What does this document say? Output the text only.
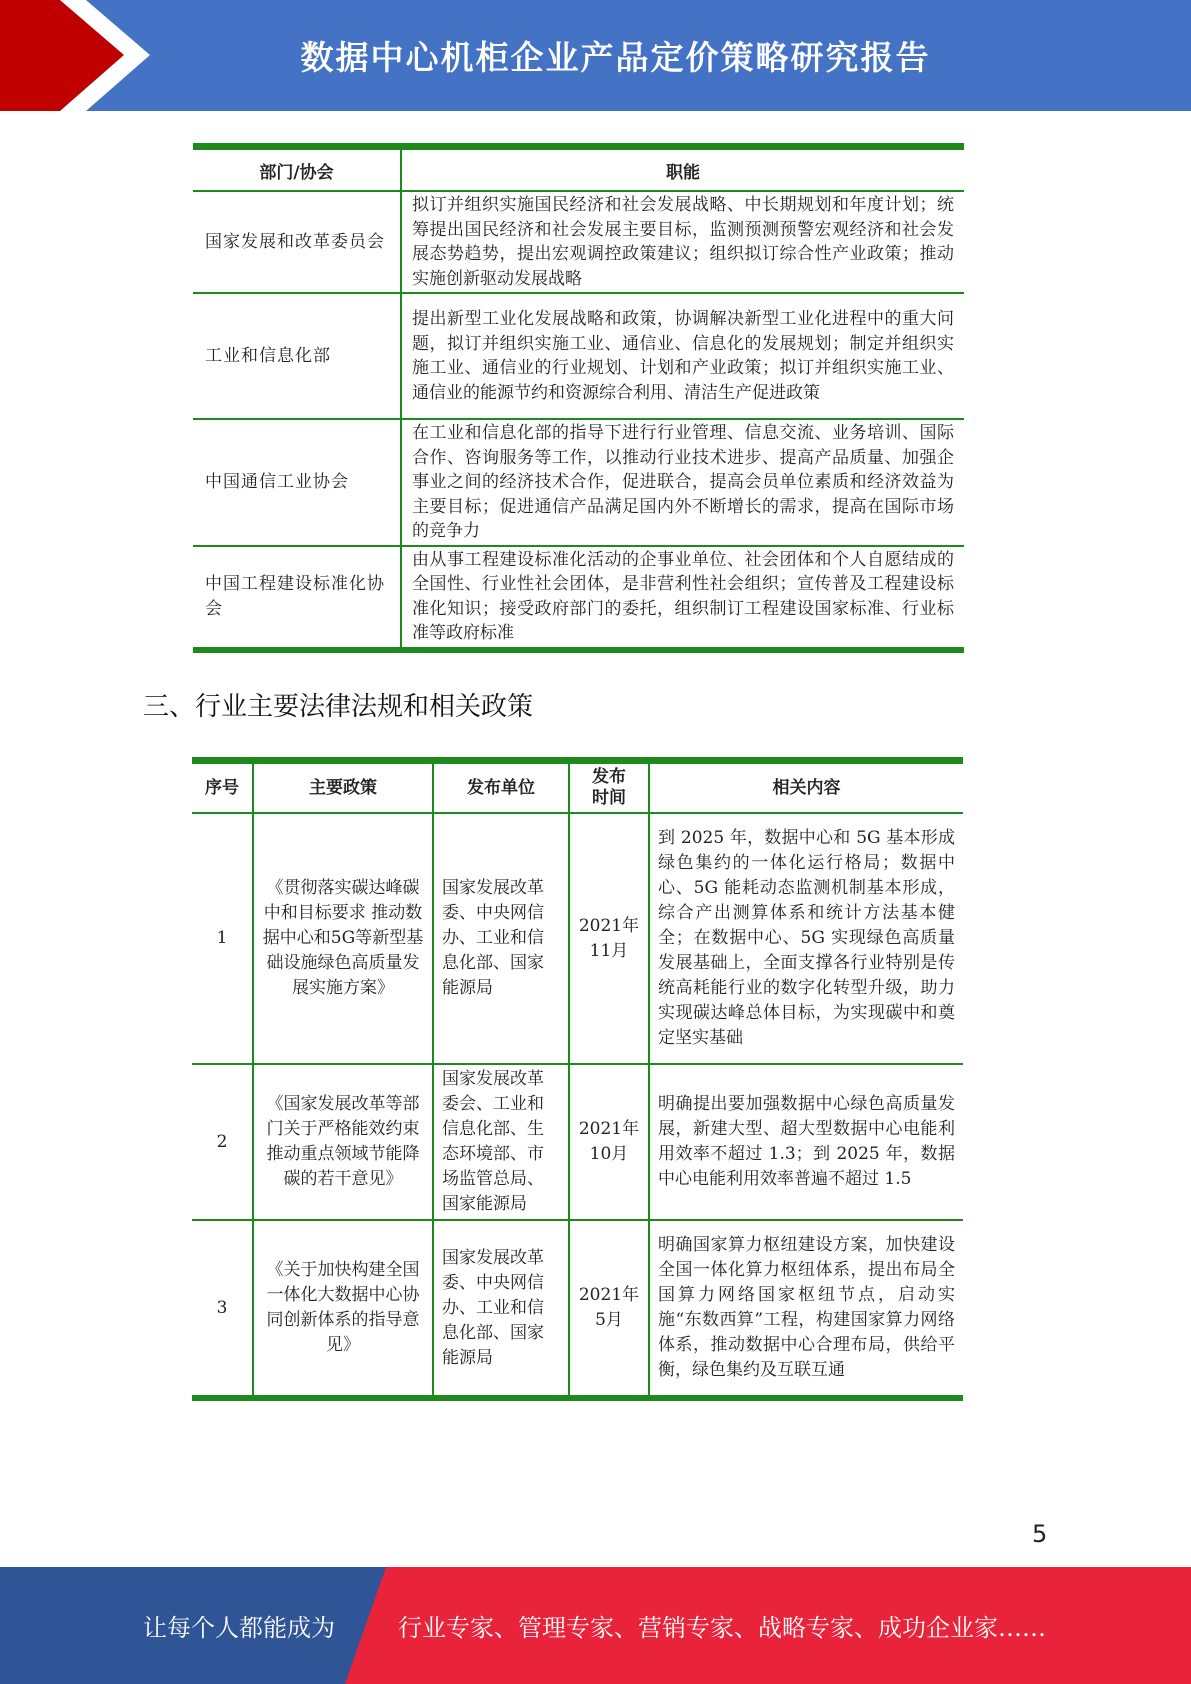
数据中心机柜企业产品定价策略研究报告
部门/协会	职能
国家发展和改革委员会	拟订并组织实施国民经济和社会发展战略、中长期规划和年度计划；统筹提出国民经济和社会发展主要目标，监测预测预警宏观经济和社会发展态势趋势，提出宏观调控政策建议；组织拟订综合性产业政策；推动实施创新驱动发展战略
工业和信息化部	提出新型工业化发展战略和政策，协调解决新型工业化进程中的重大问题，拟订并组织实施工业、通信业、信息化的发展规划；制定并组织实施工业、通信业的行业规划、计划和产业政策；拟订并组织实施工业、通信业的能源节约和资源综合利用、清洁生产促进政策
中国通信工业协会	在工业和信息化部的指导下进行行业管理、信息交流、业务培训、国际合作、咨询服务等工作，以推动行业技术进步、提高产品质量、加强企事业之间的经济技术合作，促进联合，提高会员单位素质和经济效益为主要目标；促进通信产品满足国内外不断增长的需求，提高在国际市场的竞争力
中国工程建设标准化协会	由从事工程建设标准化活动的企事业单位、社会团体和个人自愿结成的全国性、行业性社会团体，是非营利性社会组织；宣传普及工程建设标准化知识；接受政府部门的委托，组织制订工程建设国家标准、行业标准等政府标准
三、行业主要法律法规和相关政策
序号	主要政策	发布单位	发布时间	相关内容
1	《贯彻落实碳达峰碳中和目标要求 推动数据中心和5G等新型基础设施绿色高质量发展实施方案》	国家发展改革委、中央网信办、工业和信息化部、国家能源局	2021年11月	到 2025 年，数据中心和 5G 基本形成绿色集约的一体化运行格局；数据中心、5G 能耗动态监测机制基本形成，综合产出测算体系和统计方法基本健全；在数据中心、5G 实现绿色高质量发展基础上，全面支撑各行业特别是传统高耗能行业的数字化转型升级，助力实现碳达峰总体目标，为实现碳中和奠定坚实基础
2	《国家发展改革等部门关于严格能效约束推动重点领域节能降碳的若干意见》	国家发展改革委会、工业和信息化部、生态环境部、市场监管总局、国家能源局	2021年10月	明确提出要加强数据中心绿色高质量发展，新建大型、超大型数据中心电能利用效率不超过 1.3；到 2025 年，数据中心电能利用效率普遍不超过 1.5
3	《关于加快构建全国一体化大数据中心协同创新体系的指导意见》	国家发展改革委、中央网信办、工业和信息化部、国家能源局	2021年5月	明确国家算力枢纽建设方案，加快建设全国一体化算力枢纽体系，提出布局全国算力网络国家枢纽节点，启动实施“东数西算”工程，构建国家算力网络体系，推动数据中心合理布局，供给平衡，绿色集约及互联互通
5
让每个人都能成为	行业专家、管理专家、营销专家、战略专家、成功企业家……
